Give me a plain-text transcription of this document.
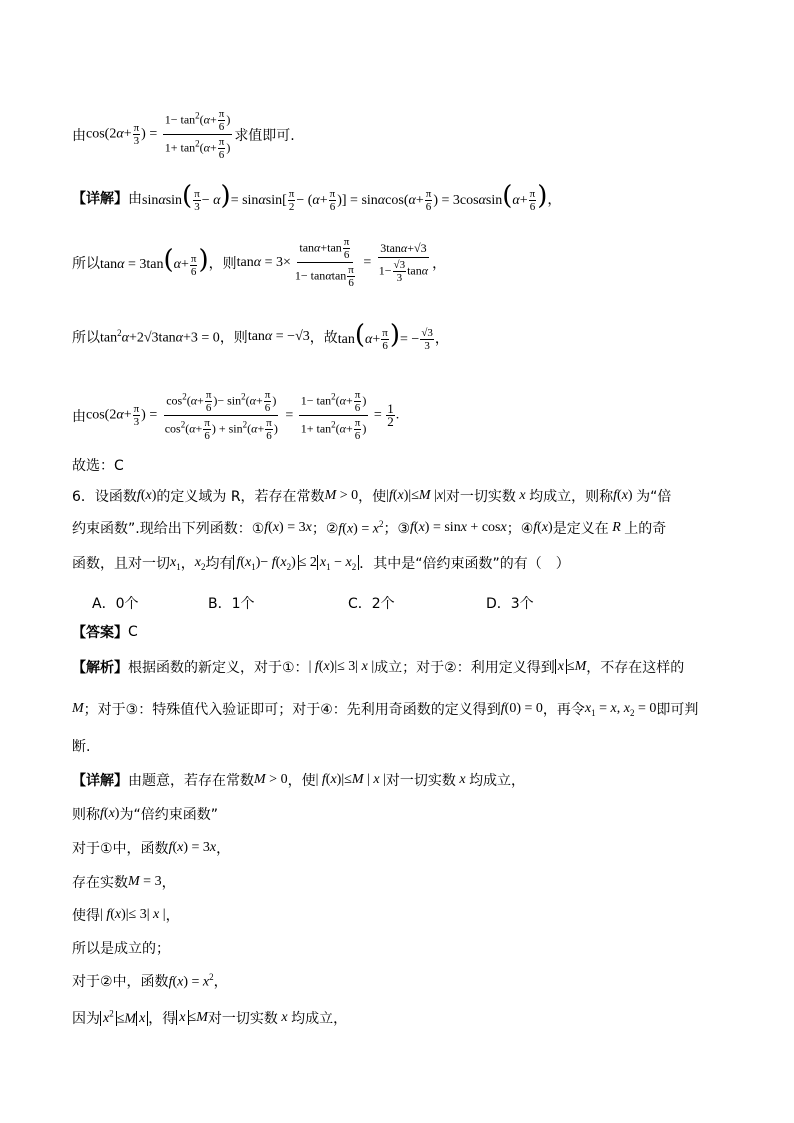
由 $\cos(2\alpha+ \frac{\pi}{3}$ ) = $\frac{1- \tan^2(\alpha+ \frac{\pi}{6} )}{1+ \tan^2(\alpha+ \frac{\pi}{6} )}$ 求值即可.
【详解】 由 $\sin\alpha\sin( \frac{\pi}{3} - \alpha)= \sin\alpha\sin[ \frac{\pi}{2} - (\alpha+ \frac{\pi}{6}$ )] = $\sin\alpha\cos(\alpha+ \frac{\pi}{6}$ ) = $3\cos\alpha\sin(\alpha+ \frac{\pi}{6}$ )，
所以 $\tan\alpha = 3\tan(\alpha+ \frac{\pi}{6}$ ) ，则 $\tan\alpha = 3\times \frac{\tan\alpha+\tan \frac{\pi}{6}}{1- \tan\alpha\tan \frac{\pi}{6}} = \frac{3\tan\alpha+√3}{1- \frac{√3}{3} \tan\alpha}$ ，
所以 $\tan^2\alpha+2√3\tan\alpha+3 = 0$ ，则 tanα = −√3 ，故 $\tan(\alpha+ \frac{\pi}{6}$ )= − $\frac{√3}{3}$ ，
由 $\cos(2\alpha+ \frac{\pi}{3}$ ) = $\frac{\cos^2(\alpha+ \frac{\pi}{6} )- \sin^2(\alpha+ \frac{\pi}{6} )}{\cos^2(\alpha+ \frac{\pi}{6} ) + \sin^2(\alpha+ \frac{\pi}{6} )} = \frac{1- \tan^2(\alpha+ \frac{\pi}{6} )}{1+ \tan^2(\alpha+ \frac{\pi}{6} )} = \frac{1}{2}$ .
故选：C
6．设函数 f(x) 的定义域为 R，若存在常数 M > 0 ，使 |f(x)|≤M |x| 对一切实数 x 均成立，则称 f(x) 为“倍
约束函数”.现给出下列函数：① f(x) = 3x ；② $f(x) = x^2$ ；③ f(x) = sinx + cosx ；④ f(x) 是定义在 R 上的奇
函数，且对一切 $x_1$ ， $x_2$ 均有 $f(x_1)- f(x_2) \le 2$ $x_1 - x_2$ ．其中是“倍约束函数”的有（　）
A．0个	B．1个	C．2个	D．3个
【答案】 C
【解析】 根据函数的新定义，对于①： | f(x)|≤ 3| x | 成立；对于②：利用定义得到 x ≤M ，不存在这样的
M ；对于③：特殊值代入验证即可；对于④：先利用奇函数的定义得到 f(0) = 0 ，再令 $x_1 = x$, $x_2 = 0$ 即可判
断.
【详解】 由题意，若存在常数 M > 0 ，使 | f(x)|≤M | x | 对一切实数 x 均成立，
则称 f(x) 为“倍约束函数”
对于①中，函数 f(x) = 3x ，
存在实数 M = 3 ，
使得 | f(x)|≤ 3| x | ，
所以是成立的；
对于②中，函数 $f(x) = x^2$ ，
因为 $x^2 \le M$ x ，得 x ≤M 对一切实数 x 均成立，
